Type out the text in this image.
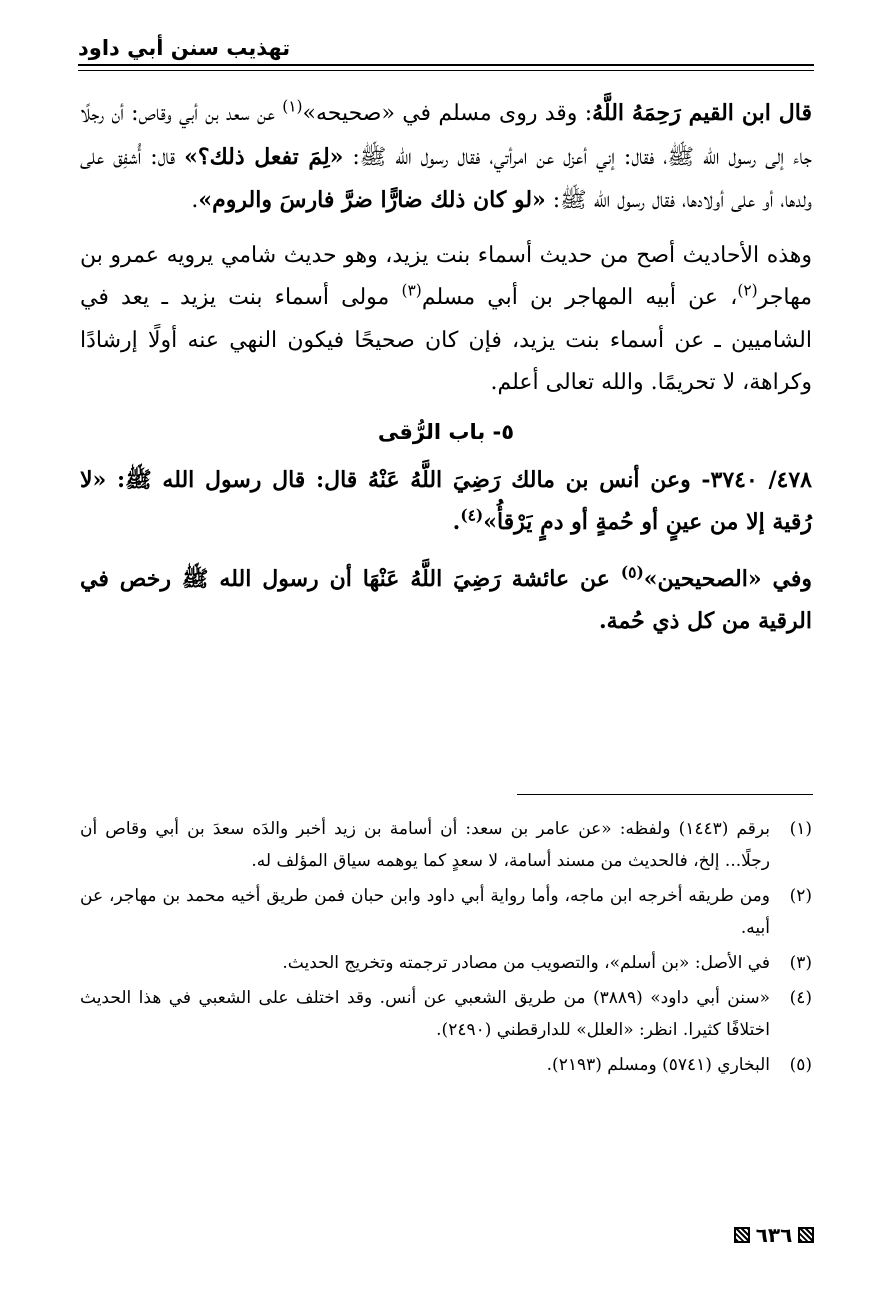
تهذيب سنن أبي داود

قال ابن القيم رَحِمَهُ اللَّهُ: وقد روى مسلم في «صحيحه»$^{(١)}$ عن سعد بن أبي وقاص: أن رجلًا جاء إلى رسول الله ﷺ، فقال: إني أعزل عن امرأتي، فقال رسول الله ﷺ: «لِمَ تفعل ذلك؟» قال: أُشفِق على ولدها، أو على أولادها، فقال رسول الله ﷺ: «لو كان ذلك ضارًّا ضرَّ فارسَ والروم».

وهذه الأحاديث أصح من حديث أسماء بنت يزيد، وهو حديث شامي يرويه عمرو بن مهاجر$^{(٢)}$، عن أبيه المهاجر بن أبي مسلم$^{(٣)}$ مولى أسماء بنت يزيد ـ يعد في الشاميين ـ عن أسماء بنت يزيد، فإن كان صحيحًا فيكون النهي عنه أولًا إرشادًا وكراهة، لا تحريمًا. والله تعالى أعلم.

٥- باب الرُّقى

٤٧٨/ ٣٧٤٠- وعن أنس بن مالك رَضِيَ اللَّهُ عَنْهُ قال: قال رسول الله ﷺ: «لا رُقية إلا من عينٍ أو حُمةٍ أو دمٍ يَرْقأُ»$^{(٤)}$.

وفي «الصحيحين»$^{(٥)}$ عن عائشة رَضِيَ اللَّهُ عَنْهَا أن رسول الله ﷺ رخص في الرقية من كل ذي حُمة.

(١)
برقم (١٤٤٣) ولفظه: «عن عامر بن سعد: أن أسامة بن زيد أخبر والدَه سعدَ بن أبي وقاص أن رجلًا... إلخ، فالحديث من مسند أسامة، لا سعدٍ كما يوهمه سياق المؤلف له.

(٢)
ومن طريقه أخرجه ابن ماجه، وأما رواية أبي داود وابن حبان فمن طريق أخيه محمد بن مهاجر، عن أبيه.

(٣)
في الأصل: «بن أسلم»، والتصويب من مصادر ترجمته وتخريج الحديث.

(٤)
«سنن أبي داود» (٣٨٨٩) من طريق الشعبي عن أنس. وقد اختلف على الشعبي في هذا الحديث اختلافًا كثيرا. انظر: «العلل» للدارقطني (٢٤٩٠).

(٥)
البخاري (٥٧٤١) ومسلم (٢١٩٣).

٦٣٦
